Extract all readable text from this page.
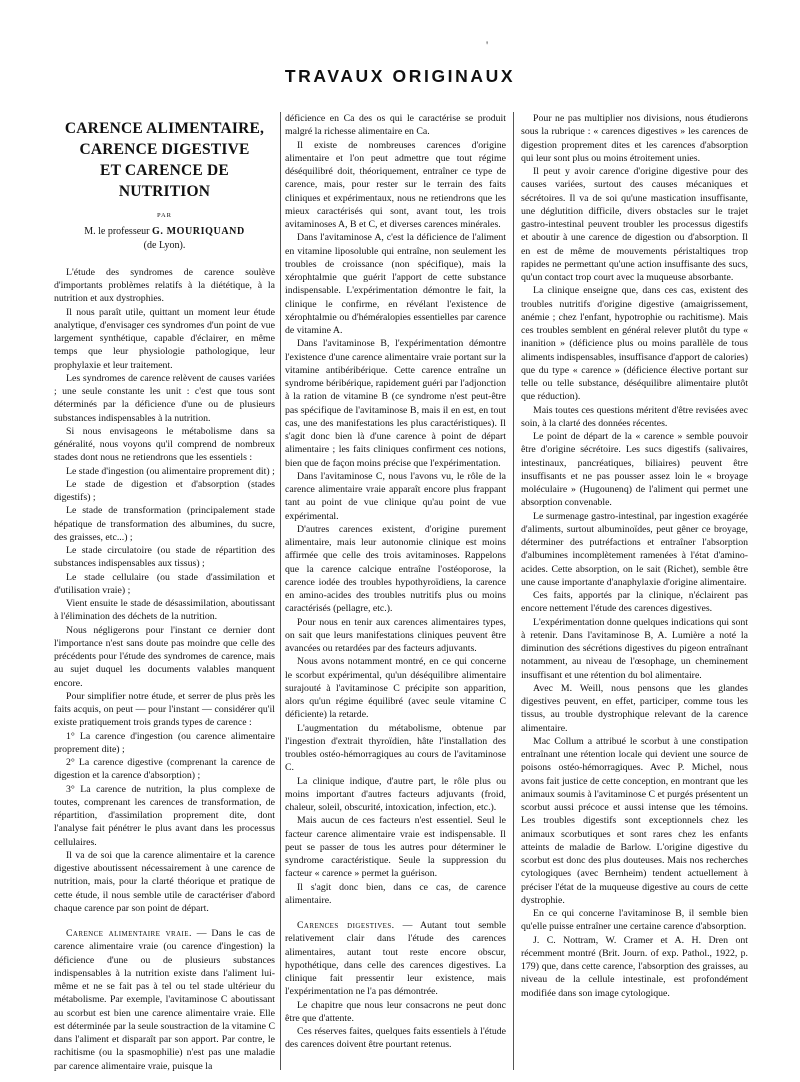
'
TRAVAUX ORIGINAUX
CARENCE ALIMENTAIRE,
CARENCE DIGESTIVE
ET CARENCE DE NUTRITION
PAR
M. le professeur G. MOURIQUAND
(de Lyon).

L'étude des syndromes de carence soulève d'importants problèmes relatifs à la diététique, à la nutrition et aux dystrophies.

Il nous paraît utile, quittant un moment leur étude analytique, d'envisager ces syndromes d'un point de vue largement synthétique, capable d'éclairer, en même temps que leur physiologie pathologique, leur prophylaxie et leur traitement.

Les syndromes de carence relèvent de causes variées ; une seule constante les unit : c'est que tous sont déterminés par la déficience d'une ou de plusieurs substances indispensables à la nutrition.

Si nous envisageons le métabolisme dans sa généralité, nous voyons qu'il comprend de nombreux stades dont nous ne retiendrons que les essentiels :

Le stade d'ingestion (ou alimentaire proprement dit) ;

Le stade de digestion et d'absorption (stades digestifs) ;

Le stade de transformation (principalement stade hépatique de transformation des albumines, du sucre, des graisses, etc...) ;

Le stade circulatoire (ou stade de répartition des substances indispensables aux tissus) ;

Le stade cellulaire (ou stade d'assimilation et d'utilisation vraie) ;

Vient ensuite le stade de désassimilation, aboutissant à l'élimination des déchets de la nutrition.

Nous négligerons pour l'instant ce dernier dont l'importance n'est sans doute pas moindre que celle des précédents pour l'étude des syndromes de carence, mais au sujet duquel les documents valables manquent encore.

Pour simplifier notre étude, et serrer de plus près les faits acquis, on peut — pour l'instant — considérer qu'il existe pratiquement trois grands types de carence :

1° La carence d'ingestion (ou carence alimentaire proprement dite) ;

2° La carence digestive (comprenant la carence de digestion et la carence d'absorption) ;

3° La carence de nutrition, la plus complexe de toutes, comprenant les carences de transformation, de répartition, d'assimilation proprement dite, dont l'analyse fait pénétrer le plus avant dans les processus cellulaires.

Il va de soi que la carence alimentaire et la carence digestive aboutissent nécessairement à une carence de nutrition, mais, pour la clarté théorique et pratique de cette étude, il nous semble utile de caractériser d'abord chaque carence par son point de départ.

Carence alimentaire vraie. — Dans le cas de carence alimentaire vraie (ou carence d'ingestion) la déficience d'une ou de plusieurs substances indispensables à la nutrition existe dans l'aliment lui-même et ne se fait pas à tel ou tel stade ultérieur du métabolisme. Par exemple, l'avitaminose C aboutissant au scorbut est bien une carence alimentaire vraie. Elle est déterminée par la seule soustraction de la vitamine C dans l'aliment et disparaît par son apport. Par contre, le rachitisme (ou la spasmophilie) n'est pas une maladie par carence alimentaire vraie, puisque la

déficience en Ca des os qui le caractérise se produit malgré la richesse alimentaire en Ca.

Il existe de nombreuses carences d'origine alimentaire et l'on peut admettre que tout régime déséquilibré doit, théoriquement, entraîner ce type de carence, mais, pour rester sur le terrain des faits cliniques et expérimentaux, nous ne retiendrons que les mieux caractérisés qui sont, avant tout, les trois avitaminoses A, B et C, et diverses carences minérales.

Dans l'avitaminose A, c'est la déficience de l'aliment en vitamine liposoluble qui entraîne, non seulement les troubles de croissance (non spécifique), mais la xérophtalmie que guérit l'apport de cette substance indispensable. L'expérimentation démontre le fait, la clinique le confirme, en révélant l'existence de xérophtalmie ou d'héméralopies essentielles par carence de vitamine A.

Dans l'avitaminose B, l'expérimentation démontre l'existence d'une carence alimentaire vraie portant sur la vitamine antibéribérique. Cette carence entraîne un syndrome béribérique, rapidement guéri par l'adjonction à la ration de vitamine B (ce syndrome n'est peut-être pas spécifique de l'avitaminose B, mais il en est, en tout cas, une des manifestations les plus caractéristiques). Il s'agit donc bien là d'une carence à point de départ alimentaire ; les faits cliniques confirment ces notions, bien que de façon moins précise que l'expérimentation.

Dans l'avitaminose C, nous l'avons vu, le rôle de la carence alimentaire vraie apparaît encore plus frappant tant au point de vue clinique qu'au point de vue expérimental.

D'autres carences existent, d'origine purement alimentaire, mais leur autonomie clinique est moins affirmée que celle des trois avitaminoses. Rappelons que la carence calcique entraîne l'ostéoporose, la carence iodée des troubles hypothyroïdiens, la carence en amino-acides des troubles nutritifs plus ou moins caractérisés (pellagre, etc.).

Pour nous en tenir aux carences alimentaires types, on sait que leurs manifestations cliniques peuvent être avancées ou retardées par des facteurs adjuvants.

Nous avons notamment montré, en ce qui concerne le scorbut expérimental, qu'un déséquilibre alimentaire surajouté à l'avitaminose C précipite son apparition, alors qu'un régime équilibré (avec seule vitamine C déficiente) la retarde.

L'augmentation du métabolisme, obtenue par l'ingestion d'extrait thyroïdien, hâte l'installation des troubles ostéo-hémorragiques au cours de l'avitaminose C.

La clinique indique, d'autre part, le rôle plus ou moins important d'autres facteurs adjuvants (froid, chaleur, soleil, obscurité, intoxication, infection, etc.).

Mais aucun de ces facteurs n'est essentiel. Seul le facteur carence alimentaire vraie est indispensable. Il peut se passer de tous les autres pour déterminer le syndrome caractéristique. Seule la suppression du facteur « carence » permet la guérison.

Il s'agit donc bien, dans ce cas, de carence alimentaire.

Carences digestives. — Autant tout semble relativement clair dans l'étude des carences alimentaires, autant tout reste encore obscur, hypothétique, dans celle des carences digestives. La clinique fait pressentir leur existence, mais l'expérimentation ne l'a pas démontrée.

Le chapitre que nous leur consacrons ne peut donc être que d'attente.

Ces réserves faites, quelques faits essentiels à l'étude des carences doivent être pourtant retenus.

Pour ne pas multiplier nos divisions, nous étudierons sous la rubrique : « carences digestives » les carences de digestion proprement dites et les carences d'absorption qui leur sont plus ou moins étroitement unies.

Il peut y avoir carence d'origine digestive pour des causes variées, surtout des causes mécaniques et sécrétoires. Il va de soi qu'une mastication insuffisante, une déglutition difficile, divers obstacles sur le trajet gastro-intestinal peuvent troubler les processus digestifs et aboutir à une carence de digestion ou d'absorption. Il en est de même de mouvements péristaltiques trop rapides ne permettant qu'une action insuffisante des sucs, qu'un contact trop court avec la muqueuse absorbante.

La clinique enseigne que, dans ces cas, existent des troubles nutritifs d'origine digestive (amaigrissement, anémie ; chez l'enfant, hypotrophie ou rachitisme). Mais ces troubles semblent en général relever plutôt du type « inanition » (déficience plus ou moins parallèle de tous aliments indispensables, insuffisance d'apport de calories) que du type « carence » (déficience élective portant sur telle ou telle substance, déséquilibre alimentaire plutôt que réduction).

Mais toutes ces questions méritent d'être revisées avec soin, à la clarté des données récentes.

Le point de départ de la « carence » semble pouvoir être d'origine sécrétoire. Les sucs digestifs (salivaires, intestinaux, pancréatiques, biliaires) peuvent être insuffisants et ne pas pousser assez loin le « broyage moléculaire » (Hugounenq) de l'aliment qui permet une absorption convenable.

Le surmenage gastro-intestinal, par ingestion exagérée d'aliments, surtout albuminoïdes, peut gêner ce broyage, déterminer des putréfactions et entraîner l'absorption d'albumines incomplètement ramenées à l'état d'amino-acides. Cette absorption, on le sait (Richet), semble être une cause importante d'anaphylaxie d'origine alimentaire.

Ces faits, apportés par la clinique, n'éclairent pas encore nettement l'étude des carences digestives.

L'expérimentation donne quelques indications qui sont à retenir. Dans l'avitaminose B, A. Lumière a noté la diminution des sécrétions digestives du pigeon entraînant notamment, au niveau de l'œsophage, un cheminement insuffisant et une rétention du bol alimentaire.

Avec M. Weill, nous pensons que les glandes digestives peuvent, en effet, participer, comme tous les tissus, au trouble dystrophique relevant de la carence alimentaire.

Mac Collum a attribué le scorbut à une constipation entraînant une rétention locale qui devient une source de poisons ostéo-hémorragiques. Avec P. Michel, nous avons fait justice de cette conception, en montrant que les animaux soumis à l'avitaminose C et purgés présentent un scorbut aussi précoce et aussi intense que les témoins. Les troubles digestifs sont exceptionnels chez les animaux scorbutiques et sont rares chez les enfants atteints de maladie de Barlow. L'origine digestive du scorbut est donc des plus douteuses. Mais nos recherches cytologiques (avec Bernheim) tendent actuellement à préciser l'état de la muqueuse digestive au cours de cette dystrophie.

En ce qui concerne l'avitaminose B, il semble bien qu'elle puisse entraîner une certaine carence d'absorption.

J. C. Nottram, W. Cramer et A. H. Dren ont récemment montré (Brit. Journ. of exp. Pathol., 1922, p. 179) que, dans cette carence, l'absorption des graisses, au niveau de la cellule intestinale, est profondément modifiée dans son image cytologique.
